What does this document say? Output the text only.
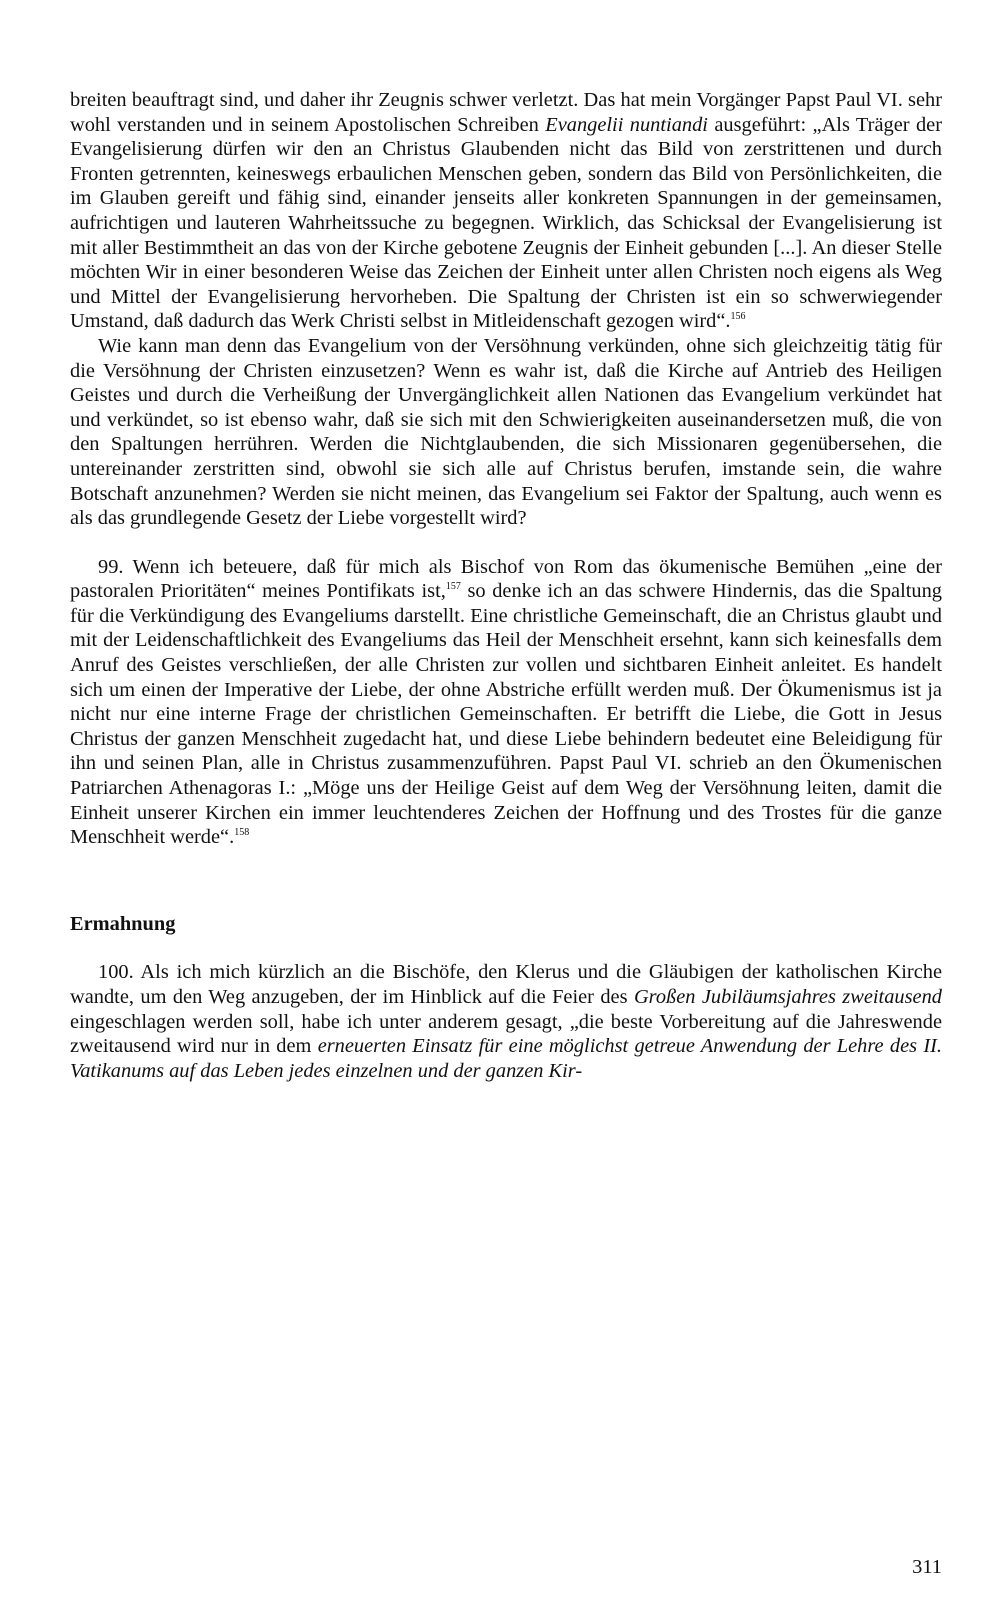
breiten beauftragt sind, und daher ihr Zeugnis schwer verletzt. Das hat mein Vorgänger Papst Paul VI. sehr wohl verstanden und in seinem Apostolischen Schreiben Evangelii nuntiandi ausgeführt: „Als Träger der Evangelisierung dürfen wir den an Christus Glaubenden nicht das Bild von zerstrittenen und durch Fronten getrennten, keineswegs erbaulichen Menschen geben, sondern das Bild von Persönlichkeiten, die im Glauben gereift und fähig sind, einander jenseits aller konkreten Spannungen in der gemeinsamen, aufrichtigen und lauteren Wahrheitssuche zu begegnen. Wirklich, das Schicksal der Evangelisierung ist mit aller Bestimmtheit an das von der Kirche gebotene Zeugnis der Einheit gebunden [...]. An dieser Stelle möchten Wir in einer besonderen Weise das Zeichen der Einheit unter allen Christen noch eigens als Weg und Mittel der Evangelisierung hervorheben. Die Spaltung der Christen ist ein so schwerwiegender Umstand, daß dadurch das Werk Christi selbst in Mitleidenschaft gezogen wird“.$^{156}$

Wie kann man denn das Evangelium von der Versöhnung verkünden, ohne sich gleichzeitig tätig für die Versöhnung der Christen einzusetzen? Wenn es wahr ist, daß die Kirche auf Antrieb des Heiligen Geistes und durch die Verheißung der Unvergänglichkeit allen Nationen das Evangelium verkündet hat und verkündet, so ist ebenso wahr, daß sie sich mit den Schwierigkeiten auseinandersetzen muß, die von den Spaltungen herrühren. Werden die Nichtglaubenden, die sich Missionaren gegenübersehen, die untereinander zerstritten sind, obwohl sie sich alle auf Christus berufen, imstande sein, die wahre Botschaft anzunehmen? Werden sie nicht meinen, das Evangelium sei Faktor der Spaltung, auch wenn es als das grundlegende Gesetz der Liebe vorgestellt wird?

99. Wenn ich beteuere, daß für mich als Bischof von Rom das ökumenische Bemühen „eine der pastoralen Prioritäten“ meines Pontifikats ist,$^{157}$ so denke ich an das schwere Hindernis, das die Spaltung für die Verkündigung des Evangeliums darstellt. Eine christliche Gemeinschaft, die an Christus glaubt und mit der Leidenschaftlichkeit des Evangeliums das Heil der Menschheit ersehnt, kann sich keinesfalls dem Anruf des Geistes verschließen, der alle Christen zur vollen und sichtbaren Einheit anleitet. Es handelt sich um einen der Imperative der Liebe, der ohne Abstriche erfüllt werden muß. Der Ökumenismus ist ja nicht nur eine interne Frage der christlichen Gemeinschaften. Er betrifft die Liebe, die Gott in Jesus Christus der ganzen Menschheit zugedacht hat, und diese Liebe behindern bedeutet eine Beleidigung für ihn und seinen Plan, alle in Christus zusammenzuführen. Papst Paul VI. schrieb an den Ökumenischen Patriarchen Athenagoras I.: „Möge uns der Heilige Geist auf dem Weg der Versöhnung leiten, damit die Einheit unserer Kirchen ein immer leuchtenderes Zeichen der Hoffnung und des Trostes für die ganze Menschheit werde“.$^{158}$

Ermahnung

100. Als ich mich kürzlich an die Bischöfe, den Klerus und die Gläubigen der katholischen Kirche wandte, um den Weg anzugeben, der im Hinblick auf die Feier des Großen Jubiläumsjahres zweitausend eingeschlagen werden soll, habe ich unter anderem gesagt, „die beste Vorbereitung auf die Jahreswende zweitausend wird nur in dem erneuerten Einsatz für eine möglichst getreue Anwendung der Lehre des II. Vatikanums auf das Leben jedes einzelnen und der ganzen Kir-

311
